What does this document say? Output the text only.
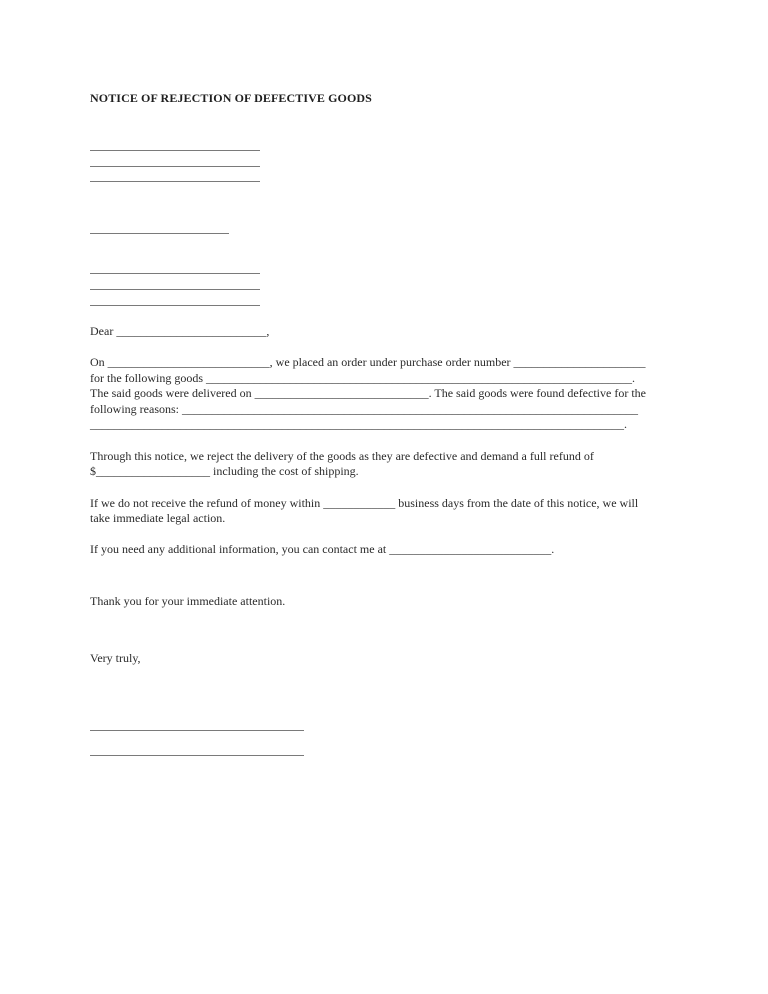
NOTICE OF REJECTION OF DEFECTIVE GOODS
Dear _________________________,
On ___________________________, we placed an order under purchase order number ______________________
for the following goods _______________________________________________________________________.
The said goods were delivered on _____________________________. The said goods were found defective for the
following reasons: ____________________________________________________________________________
_________________________________________________________________________________________.
Through this notice, we reject the delivery of the goods as they are defective and demand a full refund of
$___________________ including the cost of shipping.
If we do not receive the refund of money within ____________ business days from the date of this notice, we will
take immediate legal action.
If you need any additional information, you can contact me at ___________________________.
Thank you for your immediate attention.
Very truly,
